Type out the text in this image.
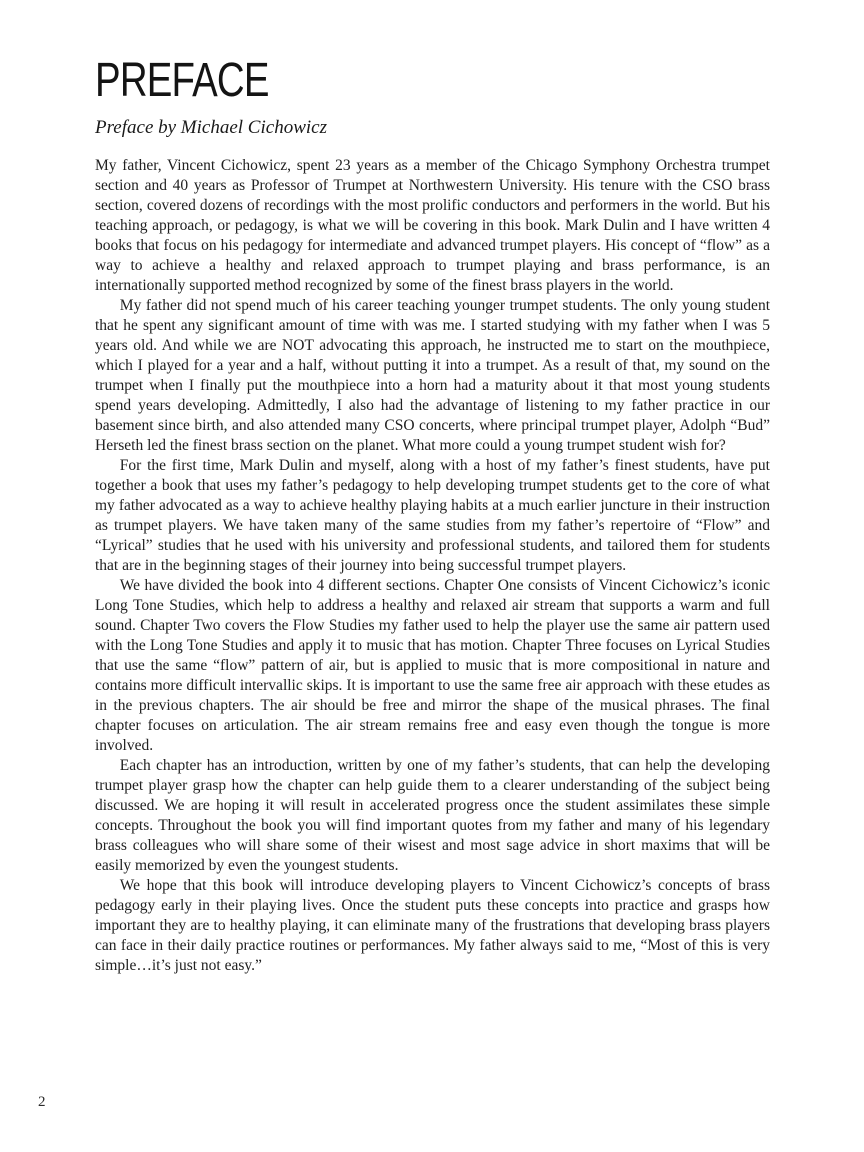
PREFACE
Preface by Michael Cichowicz

My father, Vincent Cichowicz, spent 23 years as a member of the Chicago Symphony Orchestra trumpet section and 40 years as Professor of Trumpet at Northwestern University. His tenure with the CSO brass section, covered dozens of recordings with the most prolific conductors and performers in the world. But his teaching approach, or pedagogy, is what we will be covering in this book. Mark Dulin and I have written 4 books that focus on his pedagogy for intermediate and advanced trumpet players. His concept of “flow” as a way to achieve a healthy and relaxed approach to trumpet playing and brass performance, is an internationally supported method recognized by some of the finest brass players in the world.

My father did not spend much of his career teaching younger trumpet students. The only young student that he spent any significant amount of time with was me. I started studying with my father when I was 5 years old. And while we are NOT advocating this approach, he instructed me to start on the mouthpiece, which I played for a year and a half, without putting it into a trumpet. As a result of that, my sound on the trumpet when I finally put the mouthpiece into a horn had a maturity about it that most young students spend years developing. Admittedly, I also had the advantage of listening to my father practice in our basement since birth, and also attended many CSO concerts, where principal trumpet player, Adolph “Bud” Herseth led the finest brass section on the planet. What more could a young trumpet student wish for?

For the first time, Mark Dulin and myself, along with a host of my father’s finest students, have put together a book that uses my father’s pedagogy to help developing trumpet students get to the core of what my father advocated as a way to achieve healthy playing habits at a much earlier juncture in their instruction as trumpet players. We have taken many of the same studies from my father’s repertoire of “Flow” and “Lyrical” studies that he used with his university and professional students, and tailored them for students that are in the beginning stages of their journey into being successful trumpet players.

We have divided the book into 4 different sections. Chapter One consists of Vincent Cichowicz’s iconic Long Tone Studies, which help to address a healthy and relaxed air stream that supports a warm and full sound. Chapter Two covers the Flow Studies my father used to help the player use the same air pattern used with the Long Tone Studies and apply it to music that has motion. Chapter Three focuses on Lyrical Studies that use the same “flow” pattern of air, but is applied to music that is more compositional in nature and contains more difficult intervallic skips. It is important to use the same free air approach with these etudes as in the previous chapters. The air should be free and mirror the shape of the musical phrases. The final chapter focuses on articulation. The air stream remains free and easy even though the tongue is more involved.

Each chapter has an introduction, written by one of my father’s students, that can help the developing trumpet player grasp how the chapter can help guide them to a clearer understanding of the subject being discussed. We are hoping it will result in accelerated progress once the student assimilates these simple concepts. Throughout the book you will find important quotes from my father and many of his legendary brass colleagues who will share some of their wisest and most sage advice in short maxims that will be easily memorized by even the youngest students.

We hope that this book will introduce developing players to Vincent Cichowicz’s concepts of brass pedagogy early in their playing lives. Once the student puts these concepts into practice and grasps how important they are to healthy playing, it can eliminate many of the frustrations that developing brass players can face in their daily practice routines or performances. My father always said to me, “Most of this is very simple…it’s just not easy.”

2
